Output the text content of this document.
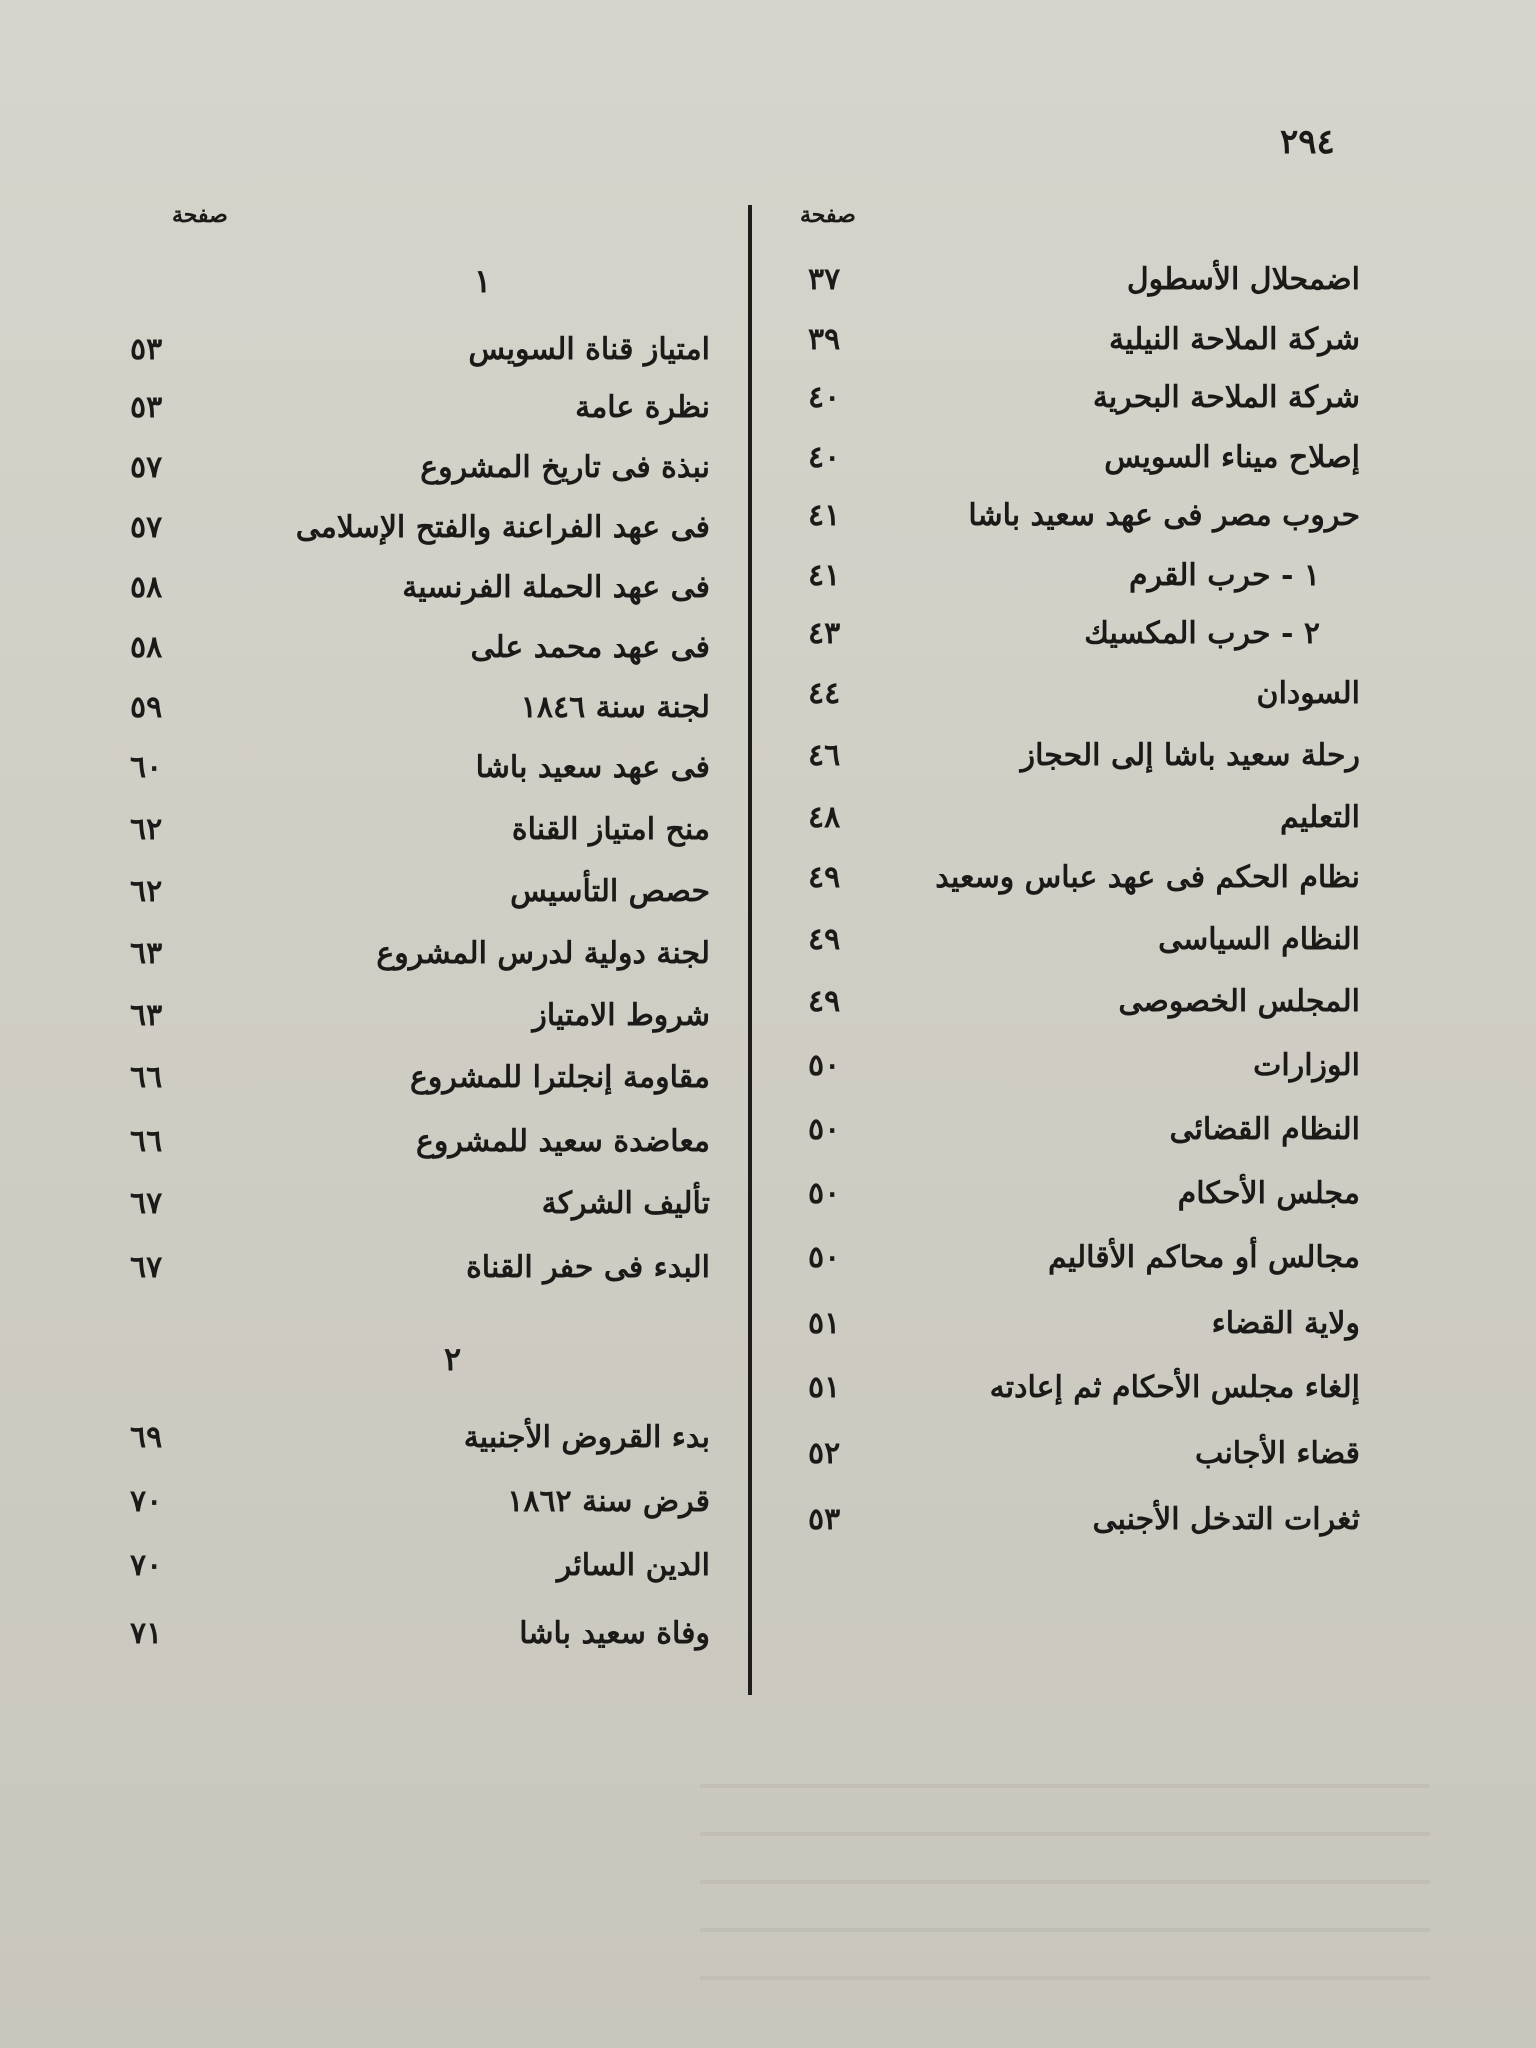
٢٩٤
صفحة
اضمحلال الأسطول
٣٧
شركة الملاحة النيلية
٣٩
شركة الملاحة البحرية
٤٠
إصلاح ميناء السويس
٤٠
حروب مصر فى عهد سعيد باشا
٤١
١ - حرب القرم
٤١
٢ - حرب المكسيك
٤٣
السودان
٤٤
رحلة سعيد باشا إلى الحجاز
٤٦
التعليم
٤٨
نظام الحكم فى عهد عباس وسعيد
٤٩
النظام السياسى
٤٩
المجلس الخصوصى
٤٩
الوزارات
٥٠
النظام القضائى
٥٠
مجلس الأحكام
٥٠
مجالس أو محاكم الأقاليم
٥٠
ولاية القضاء
٥١
إلغاء مجلس الأحكام ثم إعادته
٥١
قضاء الأجانب
٥٢
ثغرات التدخل الأجنبى
٥٣
صفحة
١
امتياز قناة السويس
٥٣
نظرة عامة
٥٣
نبذة فى تاريخ المشروع
٥٧
فى عهد الفراعنة والفتح الإسلامى
٥٧
فى عهد الحملة الفرنسية
٥٨
فى عهد محمد على
٥٨
لجنة سنة ١٨٤٦
٥٩
فى عهد سعيد باشا
٦٠
منح امتياز القناة
٦٢
حصص التأسيس
٦٢
لجنة دولية لدرس المشروع
٦٣
شروط الامتياز
٦٣
مقاومة إنجلترا للمشروع
٦٦
معاضدة سعيد للمشروع
٦٦
تأليف الشركة
٦٧
البدء فى حفر القناة
٦٧
٢
بدء القروض الأجنبية
٦٩
قرض سنة ١٨٦٢
٧٠
الدين السائر
٧٠
وفاة سعيد باشا
٧١
